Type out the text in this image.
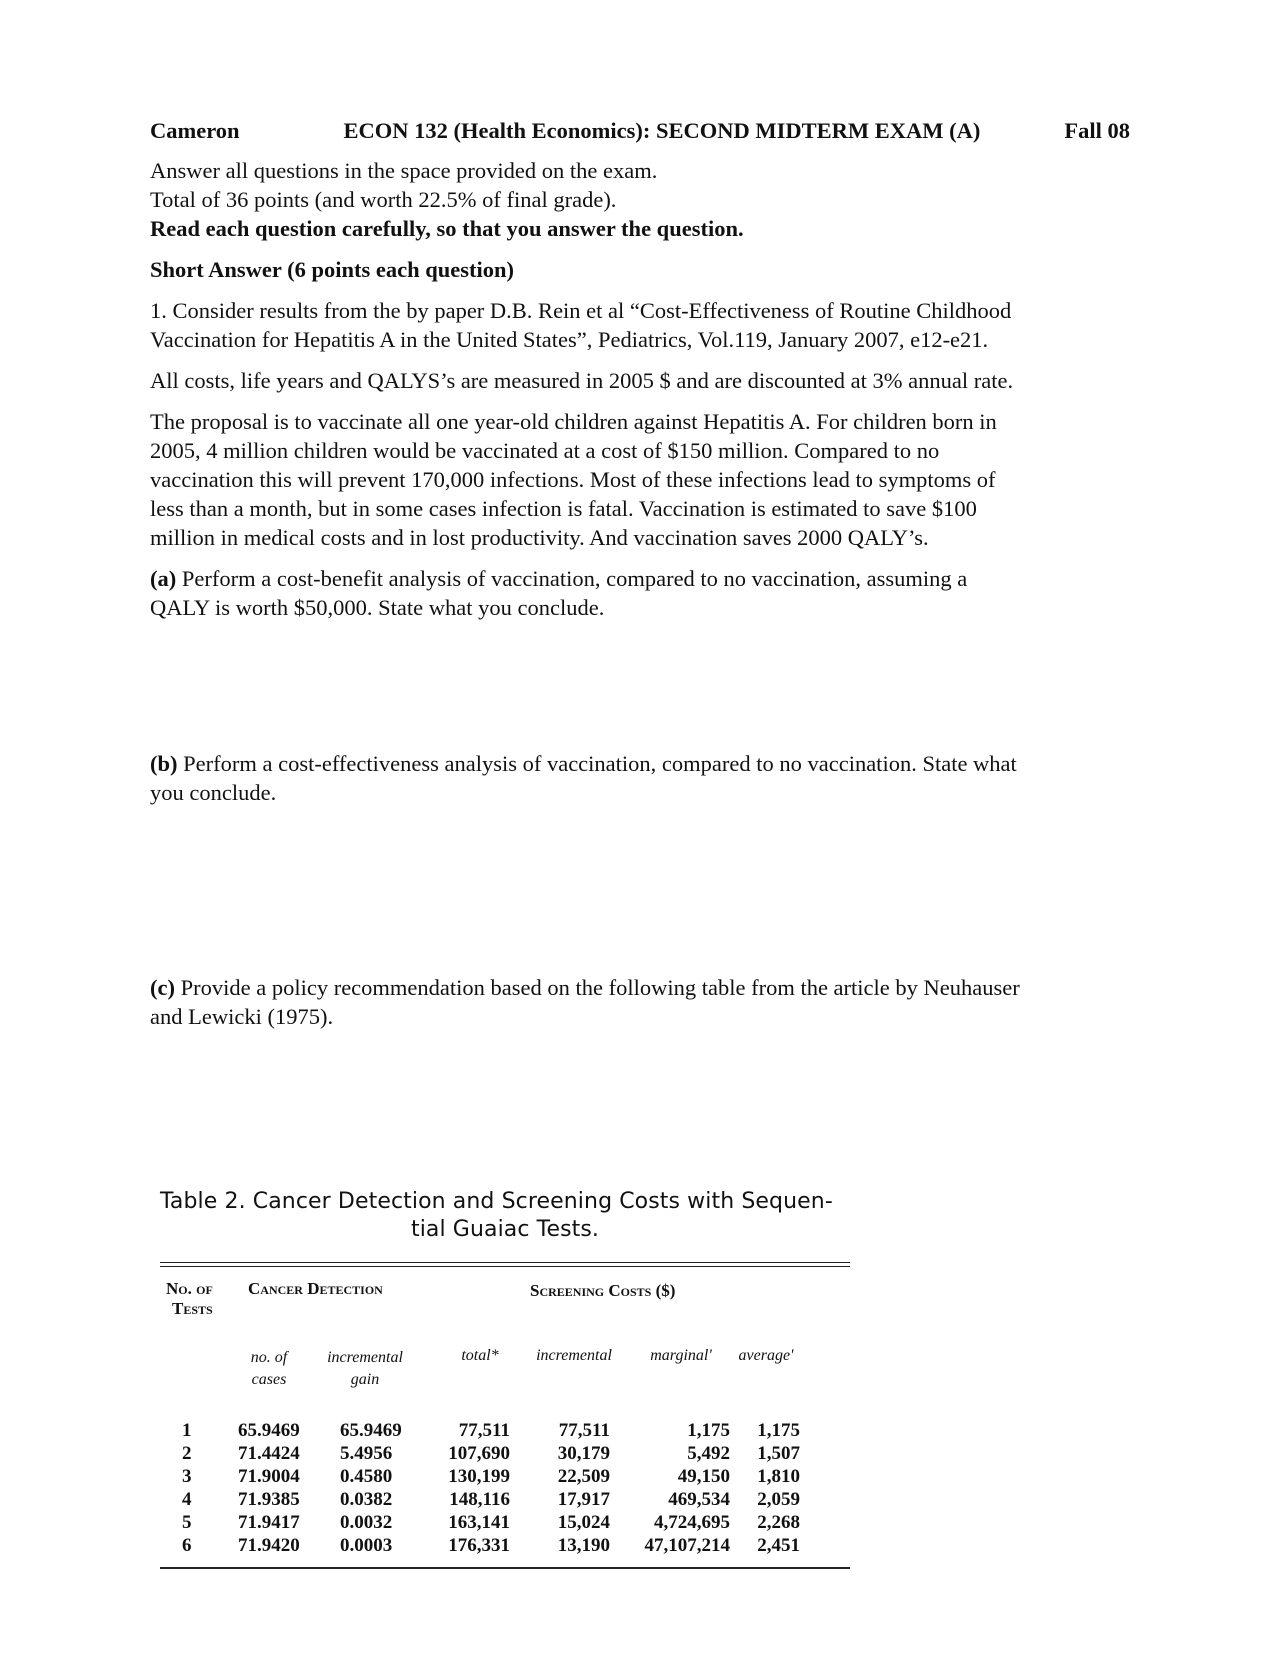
Cameron	ECON 132 (Health Economics): SECOND MIDTERM EXAM (A)	Fall 08

Answer all questions in the space provided on the exam.

Total of 36 points (and worth 22.5% of final grade).

Read each question carefully, so that you answer the question.

Short Answer (6 points each question)

1. Consider results from the by paper D.B. Rein et al “Cost-Effectiveness of Routine Childhood

Vaccination for Hepatitis A in the United States”, Pediatrics, Vol.119, January 2007, e12-e21.

All costs, life years and QALYS’s are measured in 2005 $ and are discounted at 3% annual rate.

The proposal is to vaccinate all one year-old children against Hepatitis A. For children born in

2005, 4 million children would be vaccinated at a cost of $150 million. Compared to no

vaccination this will prevent 170,000 infections. Most of these infections lead to symptoms of

less than a month, but in some cases infection is fatal. Vaccination is estimated to save $100

million in medical costs and in lost productivity. And vaccination saves 2000 QALY’s.

(a) Perform a cost-benefit analysis of vaccination, compared to no vaccination, assuming a

QALY is worth $50,000. State what you conclude.

(b) Perform a cost-effectiveness analysis of vaccination, compared to no vaccination. State what

you conclude.

(c) Provide a policy recommendation based on the following table from the article by Neuhauser

and Lewicki (1975).

Table 2. Cancer Detection and Screening Costs with Sequen-
tial Guaiac Tests.
No. of
Tests
Cancer Detection	Screening Costs ($)
no. of
cases
incremental
gain
total*	incremental	marginal'	average'
1 65.9469 65.9469	77,511	77,511	1,175	1,175
2 71.4424 5.4956	107,690	30,179	5,492	1,507
3 71.9004 0.4580	130,199	22,509	49,150	1,810
4 71.9385 0.0382	148,116	17,917	469,534	2,059
5 71.9417 0.0032	163,141	15,024	4,724,695	2,268
6 71.9420 0.0003	176,331	13,190	47,107,214	2,451
